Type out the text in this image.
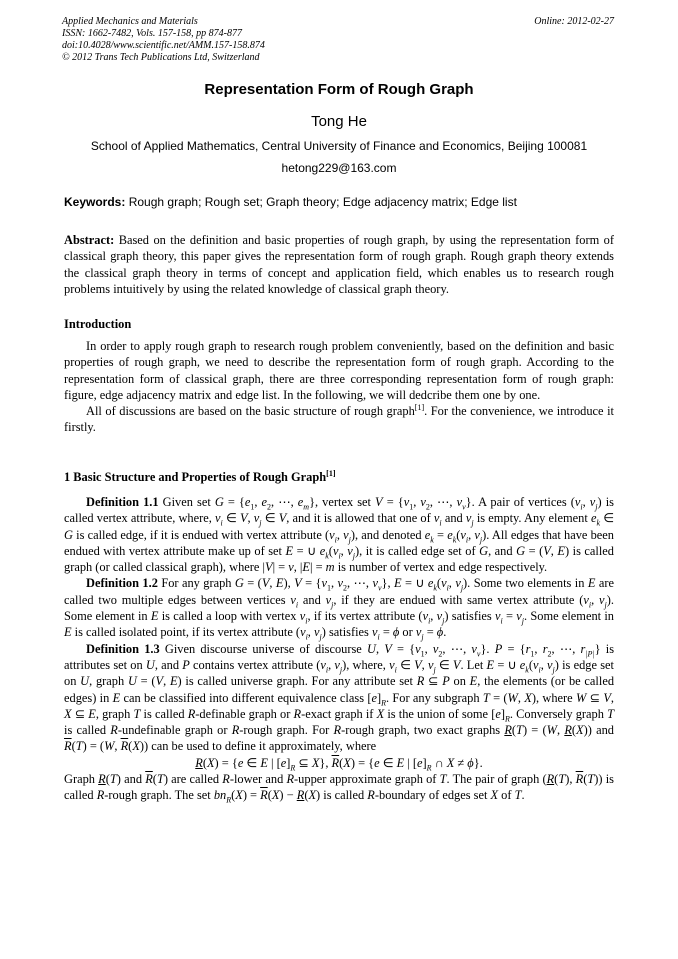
Applied Mechanics and Materials
ISSN: 1662-7482, Vols. 157-158, pp 874-877
doi:10.4028/www.scientific.net/AMM.157-158.874
© 2012 Trans Tech Publications Ltd, Switzerland
Online: 2012-02-27
Representation Form of Rough Graph
Tong He
School of Applied Mathematics, Central University of Finance and Economics, Beijing 100081
hetong229@163.com
Keywords: Rough graph; Rough set; Graph theory; Edge adjacency matrix; Edge list

Abstract: Based on the definition and basic properties of rough graph, by using the representation form of classical graph theory, this paper gives the representation form of rough graph. Rough graph theory extends the classical graph theory in terms of concept and application field, which enables us to research rough problems intuitively by using the related knowledge of classical graph theory.

Introduction

In order to apply rough graph to research rough problem conveniently, based on the definition and basic properties of rough graph, we need to describe the representation form of rough graph. According to the representation form of classical graph, there are three corresponding representation form of rough graph: figure, edge adjacency matrix and edge list. In the following, we will dedcribe them one by one.

All of discussions are based on the basic structure of rough graph[1]. For the convenience, we introduce it firstly.

1 Basic Structure and Properties of Rough Graph[1]

Definition 1.1 Given set $G = \{e_1$, $e_2$, ⋯, $e_m$}, vertex set $V = \{v_1$, $v_2$, ⋯, $v_v$}. A pair of vertices ($v_i$, $v_j$) is called vertex attribute, where, $v_i$ ∈ V, $v_j$ ∈ V, and it is allowed that one of $v_i$ and $v_j$ is empty. Any element $e_k$ ∈ G is called edge, if it is endued with vertex attribute ($v_i$, $v_j$), and denoted $e_k = e_k(v_i$, $v_j$). All edges that have been endued with vertex attribute make up of set E = ∪ $e_k(v_i$, $v_j$), it is called edge set of G, and G = (V, E) is called graph (or called classical graph), where |V| = v, |E| = m is number of vertex and edge respectively.

Definition 1.2 For any graph G = (V, E), $V = \{v_1$, $v_2$, ⋯, $v_v$}, E = ∪ $e_k(v_i$, $v_j$). Some two elements in E are called two multiple edges between vertices $v_i$ and $v_j$, if they are endued with same vertex attribute ($v_i$, $v_j$). Some element in E is called a loop with vertex $v_i$, if its vertex attribute ($v_i$, $v_j$) satisfies $v_i = v_j$. Some element in E is called isolated point, if its vertex attribute ($v_i$, $v_j$) satisfies $v_i = \phi$ or $v_j = \phi$.

Definition 1.3 Given discourse universe of discourse U, $V = \{v_1$, $v_2$, ⋯, $v_v$}. $P = \{r_1$, $r_2$, ⋯, $r_{|P|}$} is attributes set on U, and P contains vertex attribute ($v_i$, $v_j$), where, $v_i$ ∈ V, $v_j$ ∈ V. Let E = ∪ $e_k(v_i$, $v_j$) is edge set on U, graph U = (V, E) is called universe graph. For any attribute set R ⊆ P on E, the elements (or be called edges) in E can be classified into different equivalence class $[e]_R$. For any subgraph T = (W, X), where W ⊆ V, X ⊆ E, graph T is called R-definable graph or R-exact graph if X is the union of some $[e]_R$. Conversely graph T is called R-undefinable graph or R-rough graph. For R-rough graph, two exact graphs R(T) = (W, R(X)) and $\overline{R}(T) = (W$, $\overline{R}(X)$) can be used to define it approximately, where

R(X) = {e ∈ E | $[e]_R$ ⊆ X}, $\overline{R}(X) = \{e$ ∈ E | $[e]_R$ ∩ X ≠ ϕ}.

Graph R(T) and $\overline{R}(T)$ are called R-lower and R-upper approximate graph of T. The pair of graph (R(T), $\overline{R}(T)$) is called R-rough graph. The set $bn_R(X) = \overline{R}(X) - R(X)$ is called R-boundary of edges set X of T.
